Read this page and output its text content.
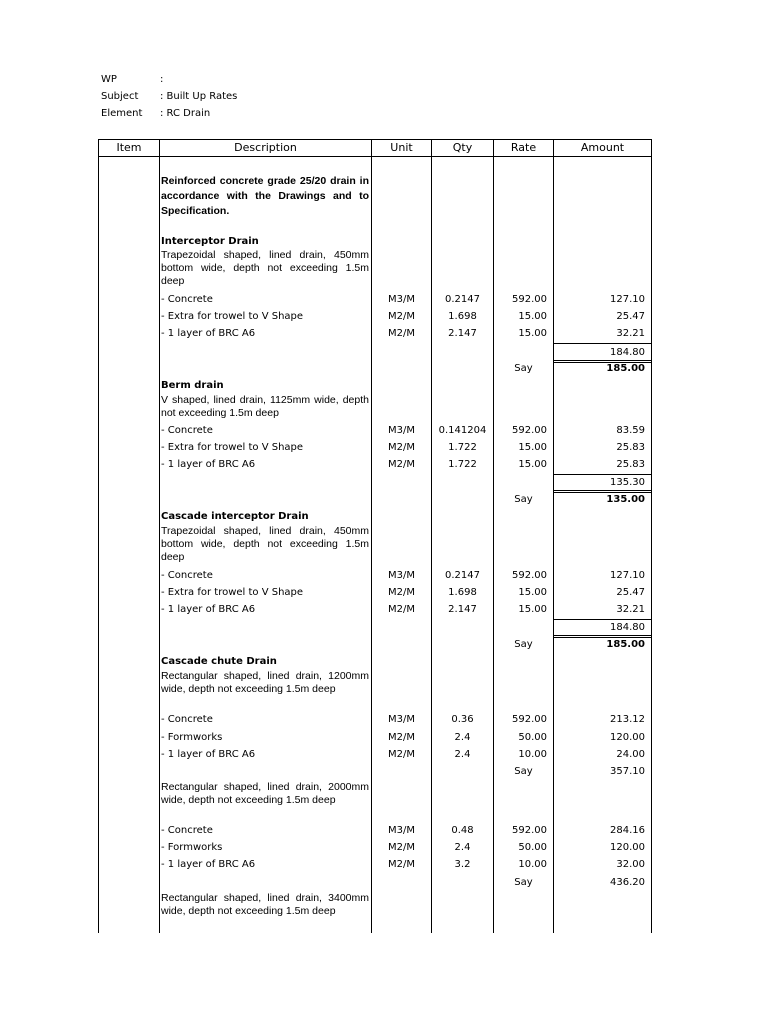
WP	:
Subject : Built Up Rates
Element : RC Drain
Item	Description	Unit	Qty	Rate	Amount
Reinforced concrete grade 25/20 drain in accordance with the Drawings and to Specification.
Interceptor Drain
Trapezoidal shaped, lined drain, 450mm bottom wide, depth not exceeding 1.5m deep
- Concrete	M3/M	0.2147	592.00	127.10
- Extra for trowel to V Shape	M2/M	1.698	15.00	25.47
- 1 layer of BRC A6	M2/M	2.147	15.00	32.21
184.80
Say	185.00
Berm drain
V shaped, lined drain, 1125mm wide, depth not exceeding 1.5m deep
- Concrete	M3/M	0.141204	592.00	83.59
- Extra for trowel to V Shape	M2/M	1.722	15.00	25.83
- 1 layer of BRC A6	M2/M	1.722	15.00	25.83
135.30
Say	135.00
Cascade interceptor Drain
Trapezoidal shaped, lined drain, 450mm bottom wide, depth not exceeding 1.5m deep
- Concrete	M3/M	0.2147	592.00	127.10
- Extra for trowel to V Shape	M2/M	1.698	15.00	25.47
- 1 layer of BRC A6	M2/M	2.147	15.00	32.21
184.80
Say	185.00
Cascade chute Drain
Rectangular shaped, lined drain, 1200mm wide, depth not exceeding 1.5m deep
- Concrete	M3/M	0.36	592.00	213.12
- Formworks	M2/M	2.4	50.00	120.00
- 1 layer of BRC A6	M2/M	2.4	10.00	24.00
Say	357.10
Rectangular shaped, lined drain, 2000mm wide, depth not exceeding 1.5m deep
- Concrete	M3/M	0.48	592.00	284.16
- Formworks	M2/M	2.4	50.00	120.00
- 1 layer of BRC A6	M2/M	3.2	10.00	32.00
Say	436.20
Rectangular shaped, lined drain, 3400mm wide, depth not exceeding 1.5m deep
